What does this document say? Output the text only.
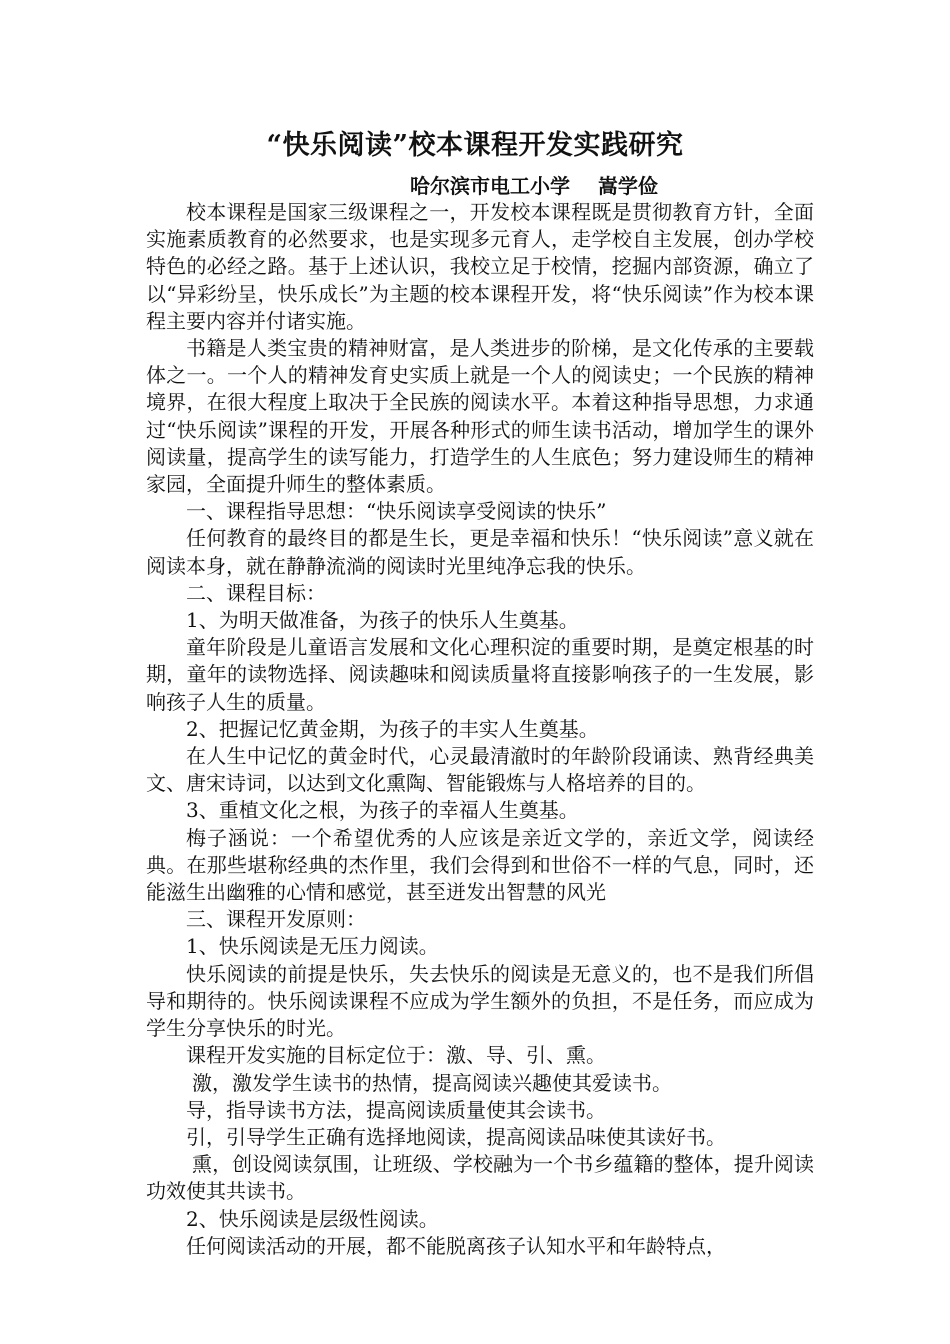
“快乐阅读”校本课程开发实践研究
哈尔滨市电工小学    嵩学俭

校本课程是国家三级课程之一，开发校本课程既是贯彻教育方针，全面实施素质教育的必然要求，也是实现多元育人，走学校自主发展，创办学校特色的必经之路。基于上述认识，我校立足于校情，挖掘内部资源，确立了以“异彩纷呈，快乐成长”为主题的校本课程开发，将“快乐阅读”作为校本课程主要内容并付诸实施。

书籍是人类宝贵的精神财富，是人类进步的阶梯，是文化传承的主要载体之一。一个人的精神发育史实质上就是一个人的阅读史；一个民族的精神境界，在很大程度上取决于全民族的阅读水平。本着这种指导思想，力求通过“快乐阅读”课程的开发，开展各种形式的师生读书活动，增加学生的课外阅读量，提高学生的读写能力，打造学生的人生底色；努力建设师生的精神家园，全面提升师生的整体素质。

一、课程指导思想：“快乐阅读享受阅读的快乐”

任何教育的最终目的都是生长，更是幸福和快乐！“快乐阅读”意义就在阅读本身，就在静静流淌的阅读时光里纯净忘我的快乐。

二、课程目标：

1、为明天做准备，为孩子的快乐人生奠基。

童年阶段是儿童语言发展和文化心理积淀的重要时期，是奠定根基的时期，童年的读物选择、阅读趣味和阅读质量将直接影响孩子的一生发展，影响孩子人生的质量。

2、把握记忆黄金期，为孩子的丰实人生奠基。

在人生中记忆的黄金时代，心灵最清澈时的年龄阶段诵读、熟背经典美文、唐宋诗词，以达到文化熏陶、智能锻炼与人格培养的目的。

3、重植文化之根，为孩子的幸福人生奠基。

梅子涵说：一个希望优秀的人应该是亲近文学的，亲近文学，阅读经典。在那些堪称经典的杰作里，我们会得到和世俗不一样的气息，同时，还能滋生出幽雅的心情和感觉，甚至迸发出智慧的风光

三、课程开发原则：

1、快乐阅读是无压力阅读。

快乐阅读的前提是快乐，失去快乐的阅读是无意义的，也不是我们所倡导和期待的。快乐阅读课程不应成为学生额外的负担，不是任务，而应成为学生分享快乐的时光。

课程开发实施的目标定位于：激、导、引、熏。

激，激发学生读书的热情，提高阅读兴趣使其爱读书。

导，指导读书方法，提高阅读质量使其会读书。

引，引导学生正确有选择地阅读，提高阅读品味使其读好书。

熏，创设阅读氛围，让班级、学校融为一个书乡蕴籍的整体，提升阅读功效使其共读书。

2、快乐阅读是层级性阅读。

任何阅读活动的开展，都不能脱离孩子认知水平和年龄特点，
